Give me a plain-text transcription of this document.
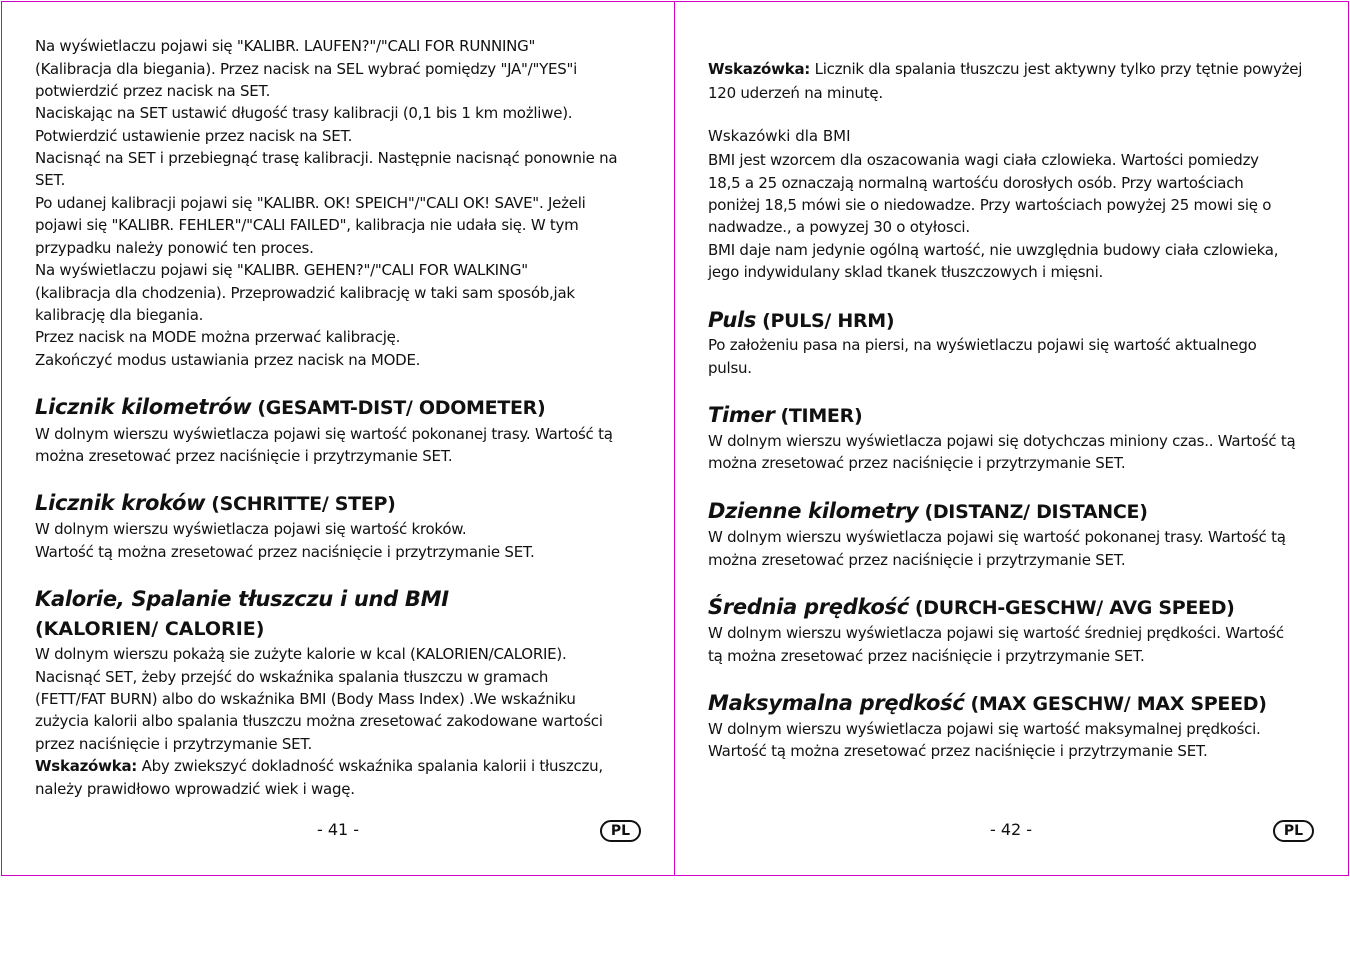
Na wyświetlaczu pojawi się "KALIBR. LAUFEN?"/"CALI FOR RUNNING"
(Kalibracja dla biegania). Przez nacisk na SEL wybrać pomiędzy "JA"/"YES"i
potwierdzić przez nacisk na SET.
Naciskając na SET ustawić długość trasy kalibracji (0,1 bis 1 km możliwe).
Potwierdzić ustawienie przez nacisk na SET.
Nacisnąć na SET i przebiegnąć trasę kalibracji. Następnie nacisnąć ponownie na
SET.
Po udanej kalibracji pojawi się "KALIBR. OK! SPEICH"/"CALI OK! SAVE". Jeżeli
pojawi się "KALIBR. FEHLER"/"CALI FAILED", kalibracja nie udała się. W tym
przypadku należy ponowić ten proces.
Na wyświetlaczu pojawi się "KALIBR. GEHEN?"/"CALI FOR WALKING"
(kalibracja dla chodzenia). Przeprowadzić kalibrację w taki sam sposób,jak
kalibrację dla biegania.
Przez nacisk na MODE można przerwać kalibrację.
Zakończyć modus ustawiania przez nacisk na MODE.
Licznik kilometrów (GESAMT-DIST/ ODOMETER)
W dolnym wierszu wyświetlacza pojawi się wartość pokonanej trasy. Wartość tą
można zresetować przez naciśnięcie i przytrzymanie SET.
Licznik kroków (SCHRITTE/ STEP)
W dolnym wierszu wyświetlacza pojawi się wartość kroków.
Wartość tą można zresetować przez naciśnięcie i przytrzymanie SET.
Kalorie, Spalanie tłuszczu i und BMI
(KALORIEN/ CALORIE)
W dolnym wierszu pokażą sie zużyte kalorie w kcal (KALORIEN/CALORIE).
Nacisnąć SET, żeby przejść do wskaźnika spalania tłuszczu w gramach
(FETT/FAT BURN) albo do wskaźnika BMI (Body Mass Index) .We wskaźniku
zużycia kalorii albo spalania tłuszczu można zresetować zakodowane wartości
przez naciśnięcie i przytrzymanie SET.
Wskazówka: Aby zwiekszyć dokladność wskaźnika spalania kalorii i tłuszczu,
należy prawidłowo wprowadzić wiek i wagę.
- 41 -	PL
Wskazówka: Licznik dla spalania tłuszczu jest aktywny tylko przy tętnie powyżej
120 uderzeń na minutę.
Wskazówki dla BMI
BMI jest wzorcem dla oszacowania wagi ciała czlowieka. Wartości pomiedzy
18,5 a 25 oznaczają normalną wartośću dorosłych osób. Przy wartościach
poniżej 18,5 mówi sie o niedowadze. Przy wartościach powyżej 25 mowi się o
nadwadze., a powyzej 30 o otyłosci.
BMI daje nam jedynie ogólną wartość, nie uwzględnia budowy ciała czlowieka,
jego indywidulany sklad tkanek tłuszczowych i mięsni.
Puls (PULS/ HRM)
Po założeniu pasa na piersi, na wyświetlaczu pojawi się wartość aktualnego
pulsu.
Timer (TIMER)
W dolnym wierszu wyświetlacza pojawi się dotychczas miniony czas.. Wartość tą
można zresetować przez naciśnięcie i przytrzymanie SET.
Dzienne kilometry (DISTANZ/ DISTANCE)
W dolnym wierszu wyświetlacza pojawi się wartość pokonanej trasy. Wartość tą
można zresetować przez naciśnięcie i przytrzymanie SET.
Średnia prędkość (DURCH-GESCHW/ AVG SPEED)
W dolnym wierszu wyświetlacza pojawi się wartość średniej prędkości. Wartość
tą można zresetować przez naciśnięcie i przytrzymanie SET.
Maksymalna prędkość (MAX GESCHW/ MAX SPEED)
W dolnym wierszu wyświetlacza pojawi się wartość maksymalnej prędkości.
Wartość tą można zresetować przez naciśnięcie i przytrzymanie SET.
- 42 -	PL
